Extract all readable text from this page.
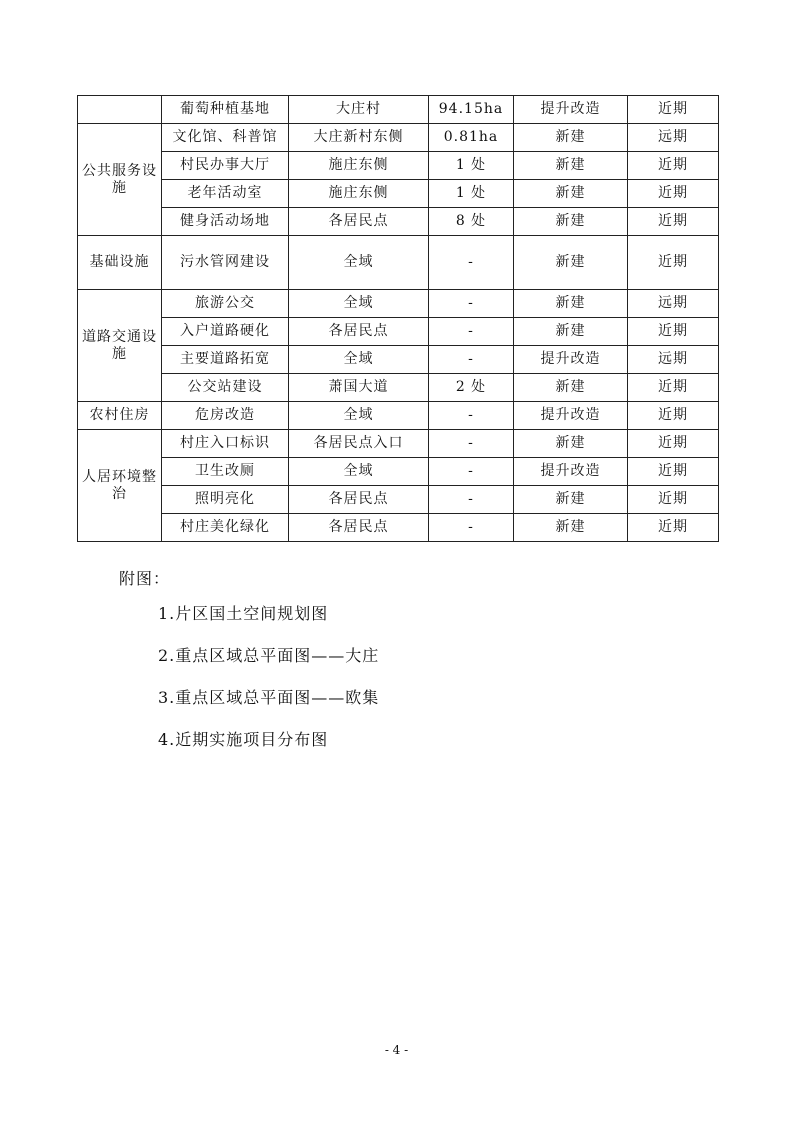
	葡萄种植基地	大庄村	94.15ha	提升改造	近期
公共服务设施	文化馆、科普馆	大庄新村东侧	0.81ha	新建	远期
	村民办事大厅	施庄东侧	1 处	新建	近期
	老年活动室	施庄东侧	1 处	新建	近期
	健身活动场地	各居民点	8 处	新建	近期
基础设施	污水管网建设	全域	-	新建	近期
道路交通设施	旅游公交	全域	-	新建	远期
	入户道路硬化	各居民点	-	新建	近期
	主要道路拓宽	全域	-	提升改造	远期
	公交站建设	萧国大道	2 处	新建	近期
农村住房	危房改造	全域	-	提升改造	近期
人居环境整治	村庄入口标识	各居民点入口	-	新建	近期
	卫生改厕	全域	-	提升改造	近期
	照明亮化	各居民点	-	新建	近期
	村庄美化绿化	各居民点	-	新建	近期
附图：
1.片区国土空间规划图
2.重点区域总平面图——大庄
3.重点区域总平面图——欧集
4.近期实施项目分布图
- 4 -
